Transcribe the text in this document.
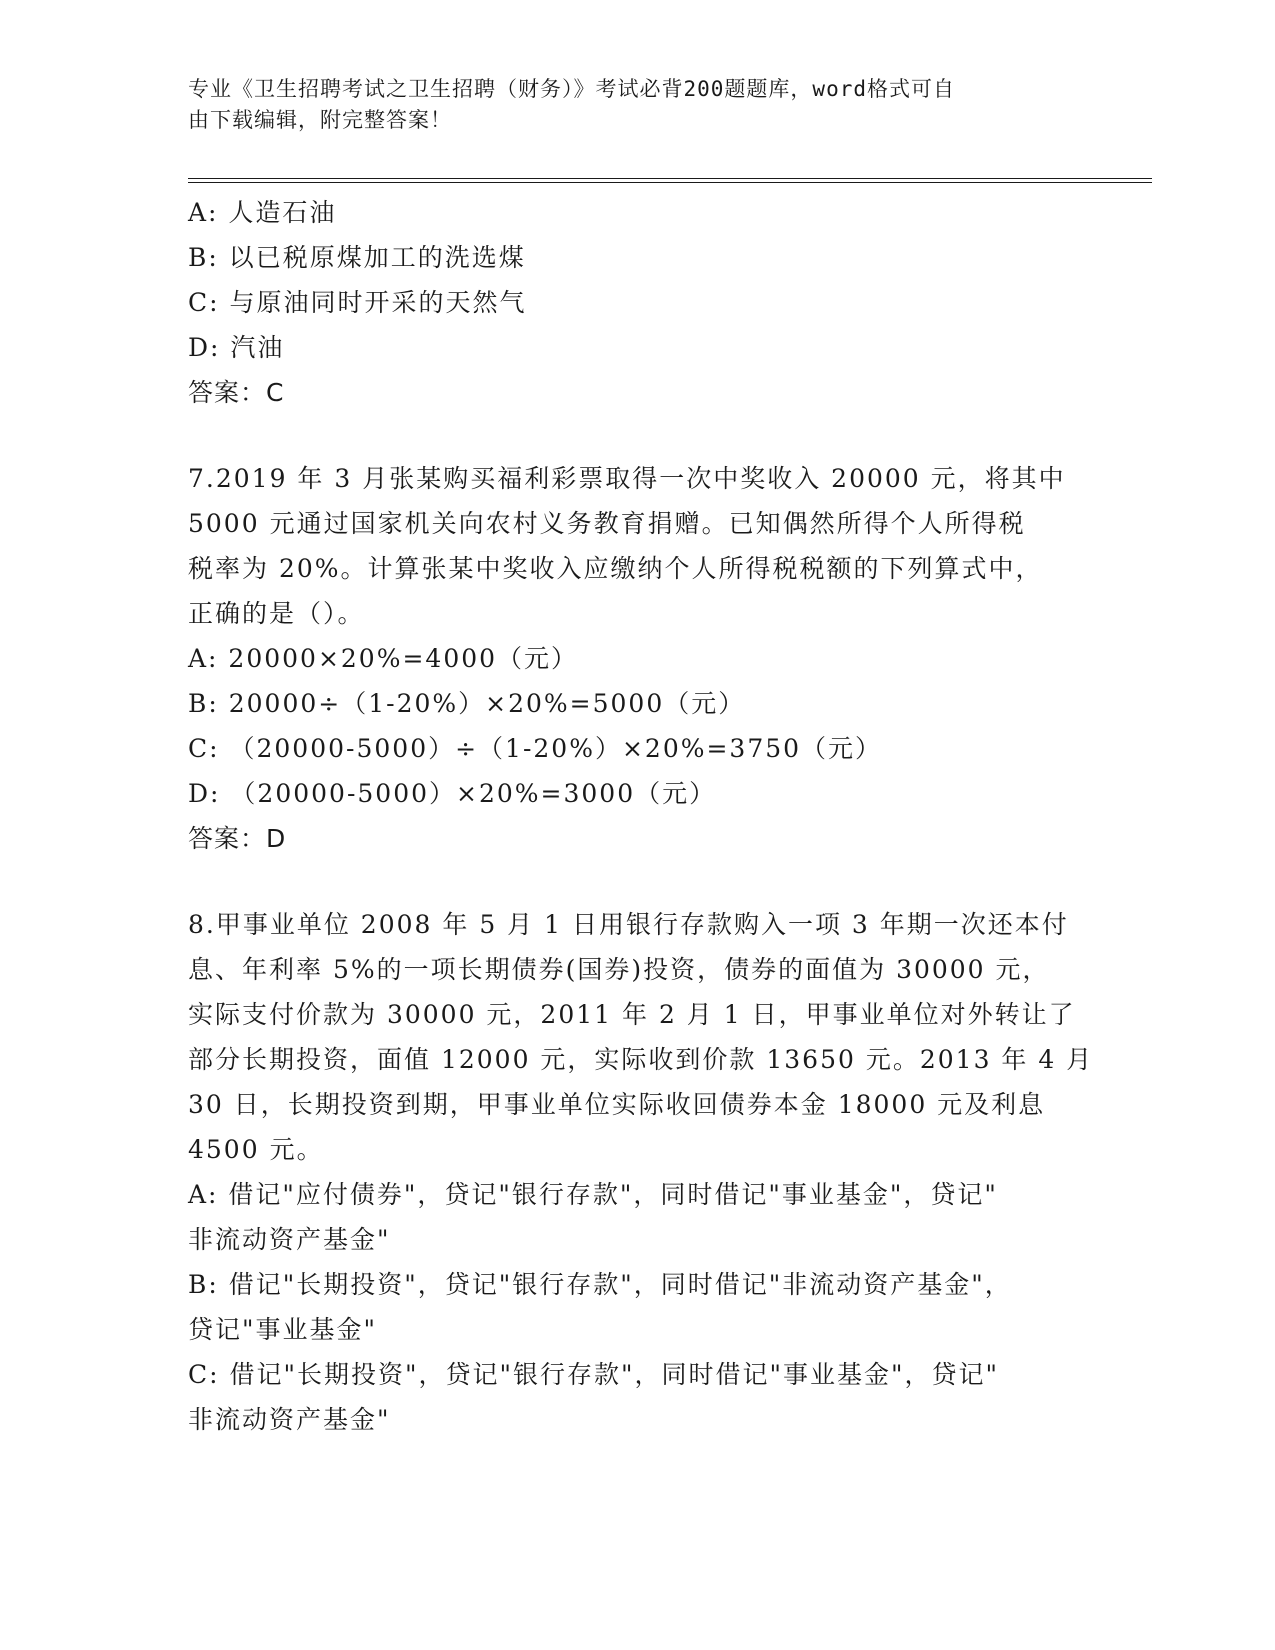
专业《卫生招聘考试之卫生招聘（财务）》考试必背200题题库，word格式可自
由下载编辑，附完整答案！
A: 人造石油
B: 以已税原煤加工的洗选煤
C: 与原油同时开采的天然气
D: 汽油
答案：C
7.2019 年 3 月张某购买福利彩票取得一次中奖收入 20000 元，将其中
5000 元通过国家机关向农村义务教育捐赠。已知偶然所得个人所得税
税率为 20%。计算张某中奖收入应缴纳个人所得税税额的下列算式中，
正确的是（）。
A: 20000×20%=4000（元）
B: 20000÷（1-20%）×20%=5000（元）
C: （20000-5000）÷（1-20%）×20%=3750（元）
D: （20000-5000）×20%=3000（元）
答案：D
8.甲事业单位 2008 年 5 月 1 日用银行存款购入一项 3 年期一次还本付
息、年利率 5%的一项长期债券(国券)投资，债券的面值为 30000 元，
实际支付价款为 30000 元，2011 年 2 月 1 日，甲事业单位对外转让了
部分长期投资，面值 12000 元，实际收到价款 13650 元。2013 年 4 月
30 日，长期投资到期，甲事业单位实际收回债券本金 18000 元及利息
4500 元。
A: 借记"应付债券"，贷记"银行存款"，同时借记"事业基金"，贷记"
非流动资产基金"
B: 借记"长期投资"，贷记"银行存款"，同时借记"非流动资产基金"，
贷记"事业基金"
C: 借记"长期投资"，贷记"银行存款"，同时借记"事业基金"，贷记"
非流动资产基金"
